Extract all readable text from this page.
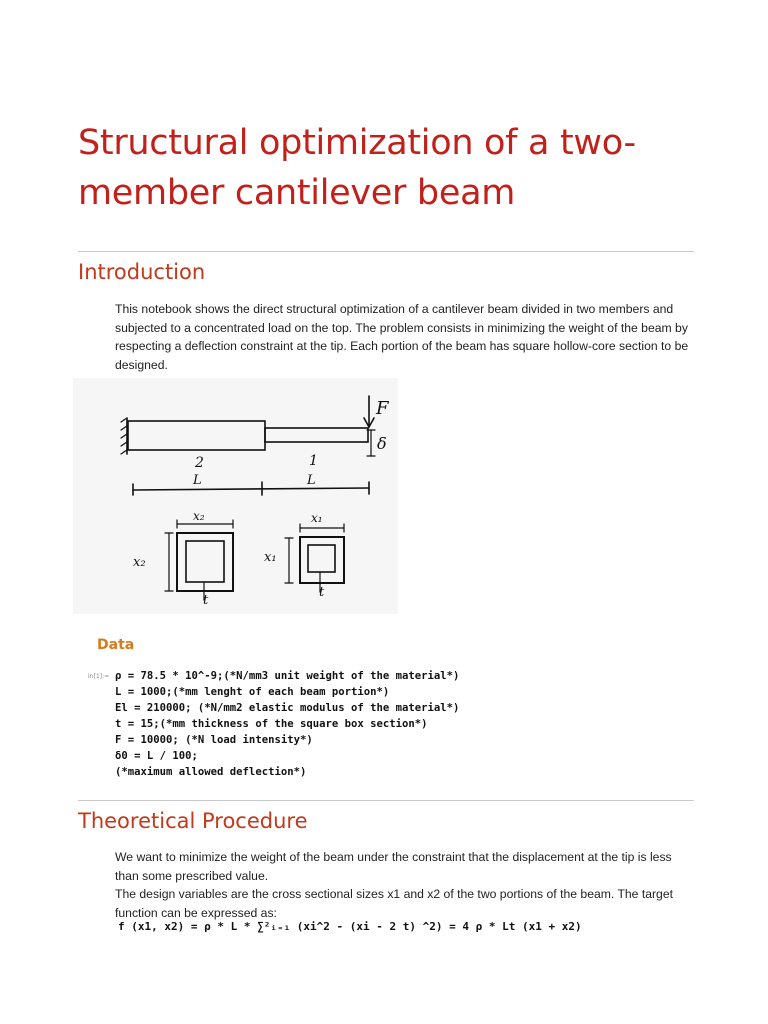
Structural optimization of a two-member cantilever beam
Introduction

This notebook shows the direct structural optimization of a cantilever beam divided in two members and subjected to a concentrated load on the top. The problem consists in minimizing the weight of the beam by respecting a deflection constraint at the tip. Each portion of the beam has square hollow-core section to be designed.

F
δ
2	1
L	L
x₂
x₂
t
x₁
x₁
t
Data
In[1]:= ρ = 78.5 * 10^-9;(*N/mm3 unit weight of the material*)
L = 1000;(*mm lenght of each beam portion*)
El = 210000; (*N/mm2 elastic modulus of the material*)
t = 15;(*mm thickness of the square box section*)
F = 10000; (*N load intensity*)
δ0 = L / 100;
(*maximum allowed deflection*)
Theoretical Procedure

We want to minimize the weight of the beam under the constraint that the displacement at the tip is less than some prescribed value.

The design variables are the cross sectional sizes x1 and x2 of the two portions of the beam. The target function can be expressed as:

f (x1, x2) = ρ * L * ∑²ᵢ₌₁ (xi^2 - (xi - 2 t) ^2) = 4 ρ * Lt (x1 + x2)
